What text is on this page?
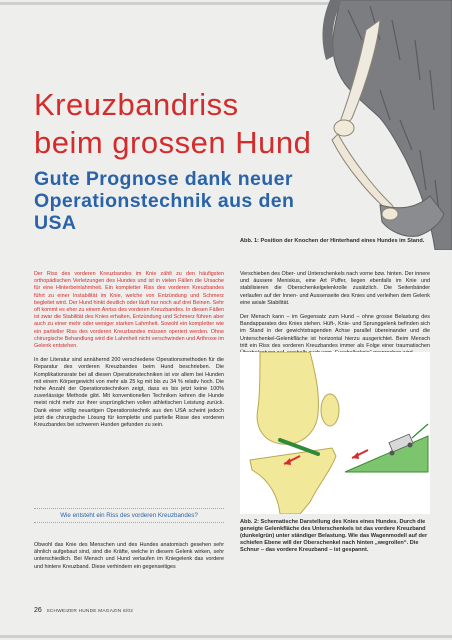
Kreuzbandriss
beim grossen Hund
Gute Prognose dank neuer Operationstechnik aus den USA

Abb. 1: Position der Knochen der Hinterhand eines Hundes im Stand.

Der Riss des vorderen Kreuzbandes im Knie zählt zu den häufigsten orthopädischen Verletzungen des Hundes und ist in vielen Fällen die Ursache für eine Hinterbeinlahmheit. Ein kompletter Riss des vorderen Kreuzbandes führt zu einer Instabilität im Knie, welche von Entzündung und Schmerz begleitet wird. Der Hund hinkt deutlich oder läuft nur noch auf drei Beinen. Sehr oft kommt es eher zu einem Anriss des vorderen Kreuzbandes. In diesen Fällen ist zwar die Stabilität des Knies erhalten, Entzündung und Schmerz führen aber auch zu einer mehr oder weniger starken Lahmheit. Sowohl ein kompletter wie ein partieller Riss des vorderen Kreuzbandes müssen operiert werden. Ohne chirurgische Behandlung wird die Lahmheit nicht verschwinden und Arthrose im Gelenk entstehen.

In der Literatur sind annähernd 200 verschiedene Operationsmethoden für die Reparatur des vorderen Kreuzbandes beim Hund beschrieben. Die Komplikationsrate bei all diesen Operationstechniken ist vor allem bei Hunden mit einem Körpergewicht von mehr als 25 kg mit bis zu 34 % relativ hoch. Die hohe Anzahl der Operationstechniken zeigt, dass es bis jetzt keine 100% zuverlässige Methode gibt. Mit konventionellen Techniken kehren die Hunde meist nicht mehr zur ihrer ursprünglichen vollen athletischen Leistung zurück. Dank einer völlig neuartigen Operationstechnik aus den USA scheint jedoch jetzt die chirurgische Lösung für komplette und partielle Risse des vorderen Kreuzbandes bei schweren Hunden gefunden zu sein.

Wie entsteht ein Riss des vorderen Kreuzbandes?

Obwohl das Knie des Menschen und des Hundes anatomisch gesehen sehr ähnlich aufgebaut sind, sind die Kräfte, welche in diesem Gelenk wirken, sehr unterschiedlich. Bei Mensch und Hund verlaufen im Kniegelenk das vordere und hintere Kreuzband. Diese verhindern ein gegenseitiges

Verschieben des Ober- und Unterschenkels nach vorne bzw. hinten. Der innere und äussere Meniskus, eine Art Puffer, liegen ebenfalls im Knie und stabilisieren die Oberschenkelgelenkrolle zusätzlich. Die Seitenbänder verlaufen auf der Innen- und Aussenseite des Knies und verleihen dem Gelenk eine axiale Stabilität.

Der Mensch kann – im Gegensatz zum Hund – ohne grosse Belastung des Bandapparates des Knies stehen. Hüft-, Knie- und Sprunggelenk befinden sich im Stand in der gewichtstragenden Achse parallel übereinander und die Unterschenkel-Gelenkfläche ist horizontal hierzu ausgerichtet. Beim Mensch tritt ein Riss des vorderen Kreuzbandes immer als Folge einer traumatischen

Abb. 2: Schematische Darstellung des Knies eines Hundes. Durch die geneigte Gelenkfläche des Unterschenkels ist das vordere Kreuzband (dunkelgrün) unter ständiger Belastung. Wie das Wagenmodell auf der schiefen Ebene will der Oberschenkel nach hinten „wegrollen“. Die Schnur – das vordere Kreuzband – ist gespannt.

26 SCHWEIZER HUNDE MAGAZIN 6/02
